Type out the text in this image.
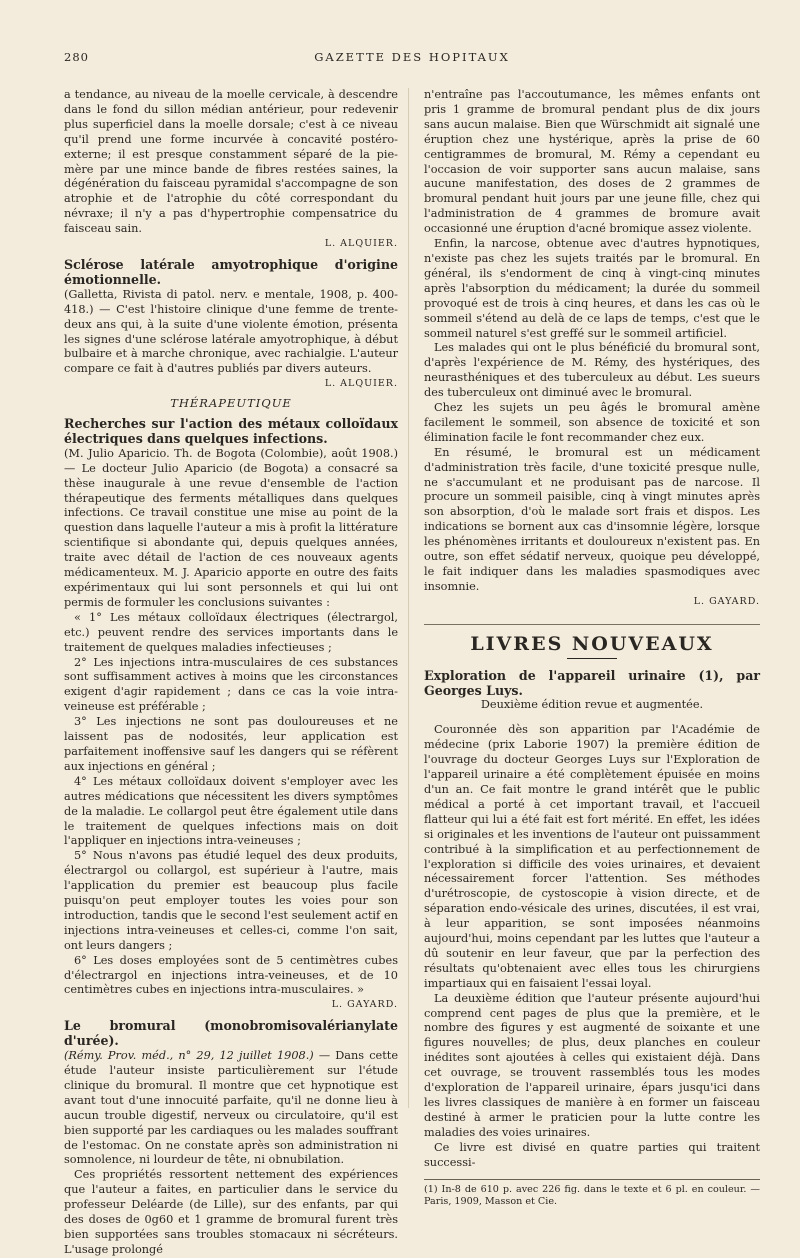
280	GAZETTE DES HOPITAUX

a tendance, au niveau de la moelle cervicale, à descendre dans le fond du sillon médian antérieur, pour redevenir plus superficiel dans la moelle dorsale; c'est à ce niveau qu'il prend une forme incurvée à concavité postéro-externe; il est presque constamment séparé de la pie-mère par une mince bande de fibres restées saines, la dégénération du faisceau pyramidal s'accompagne de son atrophie et de l'atrophie du côté correspondant du névraxe; il n'y a pas d'hypertrophie compensatrice du faisceau sain.

L. ALQUIER.

Sclérose latérale amyotrophique d'origine émotionnelle.

(Galletta, Rivista di patol. nerv. e mentale, 1908, p. 400-418.) — C'est l'histoire clinique d'une femme de trente-deux ans qui, à la suite d'une violente émotion, présenta les signes d'une sclérose latérale amyotrophique, à début bulbaire et à marche chronique, avec rachialgie. L'auteur compare ce fait à d'autres publiés par divers auteurs.

L. ALQUIER.

THÉRAPEUTIQUE

Recherches sur l'action des métaux colloïdaux électriques dans quelques infections.

(M. Julio Aparicio. Th. de Bogota (Colombie), août 1908.) — Le docteur Julio Aparicio (de Bogota) a consacré sa thèse inaugurale à une revue d'ensemble de l'action thérapeutique des ferments métalliques dans quelques infections. Ce travail constitue une mise au point de la question dans laquelle l'auteur a mis à profit la littérature scientifique si abondante qui, depuis quelques années, traite avec détail de l'action de ces nouveaux agents médicamenteux. M. J. Aparicio apporte en outre des faits expérimentaux qui lui sont personnels et qui lui ont permis de formuler les conclusions suivantes :

« 1° Les métaux colloïdaux électriques (électrargol, etc.) peuvent rendre des services importants dans le traitement de quelques maladies infectieuses ;

2° Les injections intra-musculaires de ces substances sont suffisamment actives à moins que les circonstances exigent d'agir rapidement ; dans ce cas la voie intra-veineuse est préférable ;

3° Les injections ne sont pas douloureuses et ne laissent pas de nodosités, leur application est parfaitement inoffensive sauf les dangers qui se réfèrent aux injections en général ;

4° Les métaux colloïdaux doivent s'employer avec les autres médications que nécessitent les divers symptômes de la maladie. Le collargol peut être également utile dans le traitement de quelques infections mais on doit l'appliquer en injections intra-veineuses ;

5° Nous n'avons pas étudié lequel des deux produits, électrargol ou collargol, est supérieur à l'autre, mais l'application du premier est beaucoup plus facile puisqu'on peut employer toutes les voies pour son introduction, tandis que le second l'est seulement actif en injections intra-veineuses et celles-ci, comme l'on sait, ont leurs dangers ;

6° Les doses employées sont de 5 centimètres cubes d'électrargol en injections intra-veineuses, et de 10 centimètres cubes en injections intra-musculaires. »

L. GAYARD.

Le bromural (monobromisovalérianylate d'urée).

(Rémy. Prov. méd., n° 29, 12 juillet 1908.) — Dans cette étude l'auteur insiste particulièrement sur l'étude clinique du bromural. Il montre que cet hypnotique est avant tout d'une innocuité parfaite, qu'il ne donne lieu à aucun trouble digestif, nerveux ou circulatoire, qu'il est bien supporté par les cardiaques ou les malades souffrant de l'estomac. On ne constate après son administration ni somnolence, ni lourdeur de tête, ni obnubilation.

Ces propriétés ressortent nettement des expériences que l'auteur a faites, en particulier dans le service du professeur Deléarde (de Lille), sur des enfants, par qui des doses de 0g60 et 1 gramme de bromural furent très bien supportées sans troubles stomacaux ni sécréteurs. L'usage prolongé

n'entraîne pas l'accoutumance, les mêmes enfants ont pris 1 gramme de bromural pendant plus de dix jours sans aucun malaise. Bien que Würschmidt ait signalé une éruption chez une hystérique, après la prise de 60 centigrammes de bromural, M. Rémy a cependant eu l'occasion de voir supporter sans aucun malaise, sans aucune manifestation, des doses de 2 grammes de bromural pendant huit jours par une jeune fille, chez qui l'administration de 4 grammes de bromure avait occasionné une éruption d'acné bromique assez violente.

Enfin, la narcose, obtenue avec d'autres hypnotiques, n'existe pas chez les sujets traités par le bromural. En général, ils s'endorment de cinq à vingt-cinq minutes après l'absorption du médicament; la durée du sommeil provoqué est de trois à cinq heures, et dans les cas où le sommeil s'étend au delà de ce laps de temps, c'est que le sommeil naturel s'est greffé sur le sommeil artificiel.

Les malades qui ont le plus bénéficié du bromural sont, d'après l'expérience de M. Rémy, des hystériques, des neurasthéniques et des tuberculeux au début. Les sueurs des tuberculeux ont diminué avec le bromural.

Chez les sujets un peu âgés le bromural amène facilement le sommeil, son absence de toxicité et son élimination facile le font recommander chez eux.

En résumé, le bromural est un médicament d'administration très facile, d'une toxicité presque nulle, ne s'accumulant et ne produisant pas de narcose. Il procure un sommeil paisible, cinq à vingt minutes après son absorption, d'où le malade sort frais et dispos. Les indications se bornent aux cas d'insomnie légère, lorsque les phénomènes irritants et douloureux n'existent pas. En outre, son effet sédatif nerveux, quoique peu développé, le fait indiquer dans les maladies spasmodiques avec insomnie.

L. GAYARD.

LIVRES NOUVEAUX

Exploration de l'appareil urinaire (1), par Georges Luys.

Deuxième édition revue et augmentée.

Couronnée dès son apparition par l'Académie de médecine (prix Laborie 1907) la première édition de l'ouvrage du docteur Georges Luys sur l'Exploration de l'appareil urinaire a été complètement épuisée en moins d'un an. Ce fait montre le grand intérêt que le public médical a porté à cet important travail, et l'accueil flatteur qui lui a été fait est fort mérité. En effet, les idées si originales et les inventions de l'auteur ont puissamment contribué à la simplification et au perfectionnement de l'exploration si difficile des voies urinaires, et devaient nécessairement forcer l'attention. Ses méthodes d'urétroscopie, de cystoscopie à vision directe, et de séparation endo-vésicale des urines, discutées, il est vrai, à leur apparition, se sont imposées néanmoins aujourd'hui, moins cependant par les luttes que l'auteur a dû soutenir en leur faveur, que par la perfection des résultats qu'obtenaient avec elles tous les chirurgiens impartiaux qui en faisaient l'essai loyal.

La deuxième édition que l'auteur présente aujourd'hui comprend cent pages de plus que la première, et le nombre des figures y est augmenté de soixante et une figures nouvelles; de plus, deux planches en couleur inédites sont ajoutées à celles qui existaient déjà. Dans cet ouvrage, se trouvent rassemblés tous les modes d'exploration de l'appareil urinaire, épars jusqu'ici dans les livres classiques de manière à en former un faisceau destiné à armer le praticien pour la lutte contre les maladies des voies urinaires.

Ce livre est divisé en quatre parties qui traitent successi-

(1) In-8 de 610 p. avec 226 fig. dans le texte et 6 pl. en couleur. — Paris, 1909, Masson et Cie.
